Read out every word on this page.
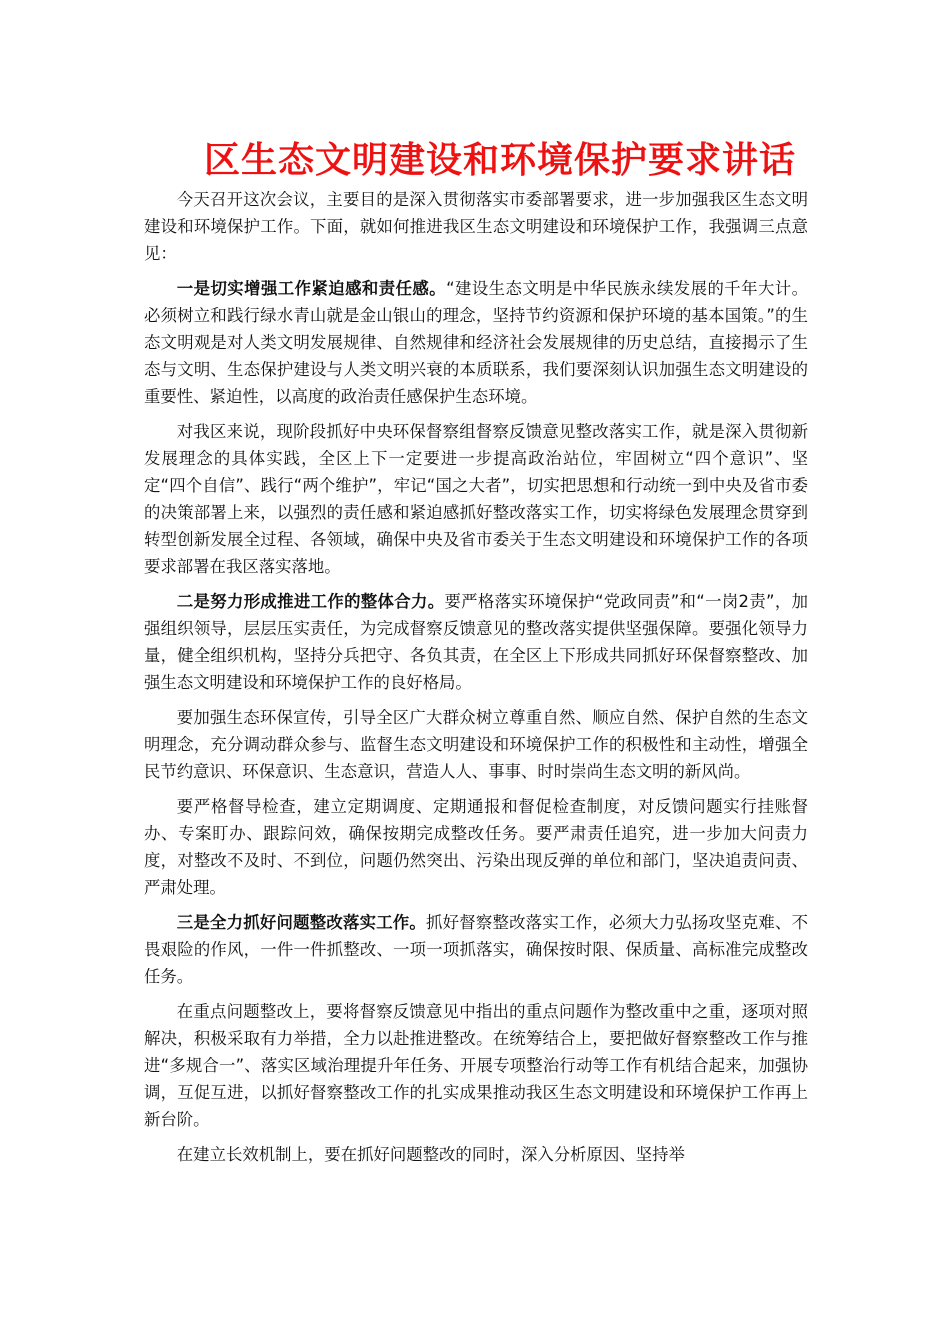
区生态文明建设和环境保护要求讲话

今天召开这次会议，主要目的是深入贯彻落实市委部署要求，进一步加强我区生态文明建设和环境保护工作。下面，就如何推进我区生态文明建设和环境保护工作，我强调三点意见：

一是切实增强工作紧迫感和责任感。“建设生态文明是中华民族永续发展的千年大计。必须树立和践行绿水青山就是金山银山的理念，坚持节约资源和保护环境的基本国策。”的生态文明观是对人类文明发展规律、自然规律和经济社会发展规律的历史总结，直接揭示了生态与文明、生态保护建设与人类文明兴衰的本质联系，我们要深刻认识加强生态文明建设的重要性、紧迫性，以高度的政治责任感保护生态环境。

对我区来说，现阶段抓好中央环保督察组督察反馈意见整改落实工作，就是深入贯彻新发展理念的具体实践，全区上下一定要进一步提高政治站位，牢固树立“四个意识”、坚定“四个自信”、践行“两个维护”，牢记“国之大者”，切实把思想和行动统一到中央及省市委的决策部署上来，以强烈的责任感和紧迫感抓好整改落实工作，切实将绿色发展理念贯穿到转型创新发展全过程、各领域，确保中央及省市委关于生态文明建设和环境保护工作的各项要求部署在我区落实落地。

二是努力形成推进工作的整体合力。要严格落实环境保护“党政同责”和“一岗2责”，加强组织领导，层层压实责任，为完成督察反馈意见的整改落实提供坚强保障。要强化领导力量，健全组织机构，坚持分兵把守、各负其责，在全区上下形成共同抓好环保督察整改、加强生态文明建设和环境保护工作的良好格局。

要加强生态环保宣传，引导全区广大群众树立尊重自然、顺应自然、保护自然的生态文明理念，充分调动群众参与、监督生态文明建设和环境保护工作的积极性和主动性，增强全民节约意识、环保意识、生态意识，营造人人、事事、时时崇尚生态文明的新风尚。

要严格督导检查，建立定期调度、定期通报和督促检查制度，对反馈问题实行挂账督办、专案盯办、跟踪问效，确保按期完成整改任务。要严肃责任追究，进一步加大问责力度，对整改不及时、不到位，问题仍然突出、污染出现反弹的单位和部门，坚决追责问责、严肃处理。

三是全力抓好问题整改落实工作。抓好督察整改落实工作，必须大力弘扬攻坚克难、不畏艰险的作风，一件一件抓整改、一项一项抓落实，确保按时限、保质量、高标准完成整改任务。

在重点问题整改上，要将督察反馈意见中指出的重点问题作为整改重中之重，逐项对照解决，积极采取有力举措，全力以赴推进整改。在统筹结合上，要把做好督察整改工作与推进“多规合一”、落实区域治理提升年任务、开展专项整治行动等工作有机结合起来，加强协调，互促互进，以抓好督察整改工作的扎实成果推动我区生态文明建设和环境保护工作再上新台阶。

在建立长效机制上，要在抓好问题整改的同时，深入分析原因、坚持举
